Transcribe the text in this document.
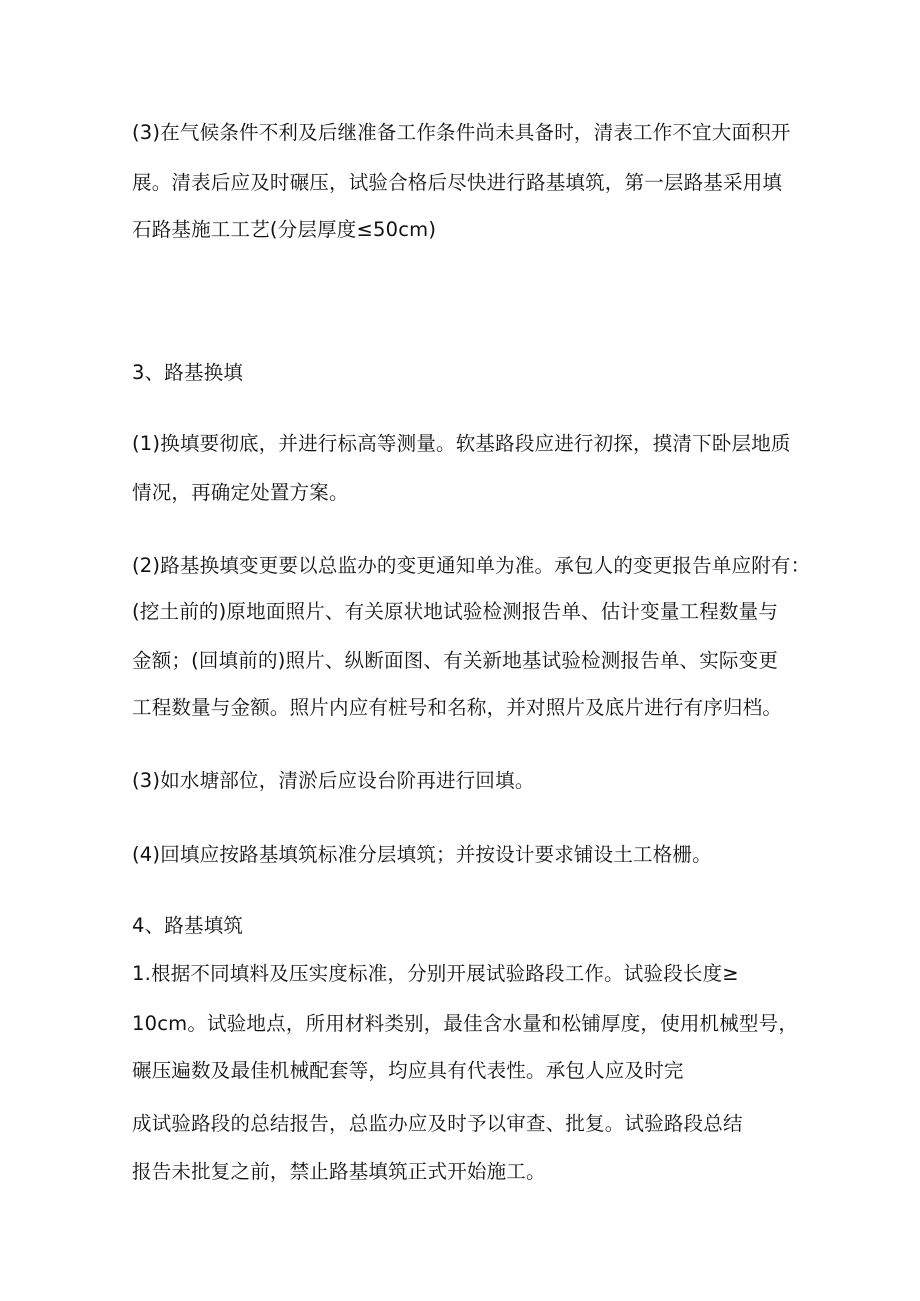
(3)在气候条件不利及后继准备工作条件尚未具备时，清表工作不宜大面积开
展。清表后应及时碾压，试验合格后尽快进行路基填筑，第一层路基采用填
石路基施工工艺(分层厚度≤50cm)
3、路基换填
(1)换填要彻底，并进行标高等测量。软基路段应进行初探，摸清下卧层地质
情况，再确定处置方案。
(2)路基换填变更要以总监办的变更通知单为准。承包人的变更报告单应附有：
(挖土前的)原地面照片、有关原状地试验检测报告单、估计变量工程数量与
金额；(回填前的)照片、纵断面图、有关新地基试验检测报告单、实际变更
工程数量与金额。照片内应有桩号和名称，并对照片及底片进行有序归档。
(3)如水塘部位，清淤后应设台阶再进行回填。
(4)回填应按路基填筑标准分层填筑；并按设计要求铺设土工格栅。
4、路基填筑
1.根据不同填料及压实度标准，分别开展试验路段工作。试验段长度≥
10cm。试验地点，所用材料类别，最佳含水量和松铺厚度，使用机械型号，
碾压遍数及最佳机械配套等，均应具有代表性。承包人应及时完
成试验路段的总结报告，总监办应及时予以审查、批复。试验路段总结
报告未批复之前，禁止路基填筑正式开始施工。
